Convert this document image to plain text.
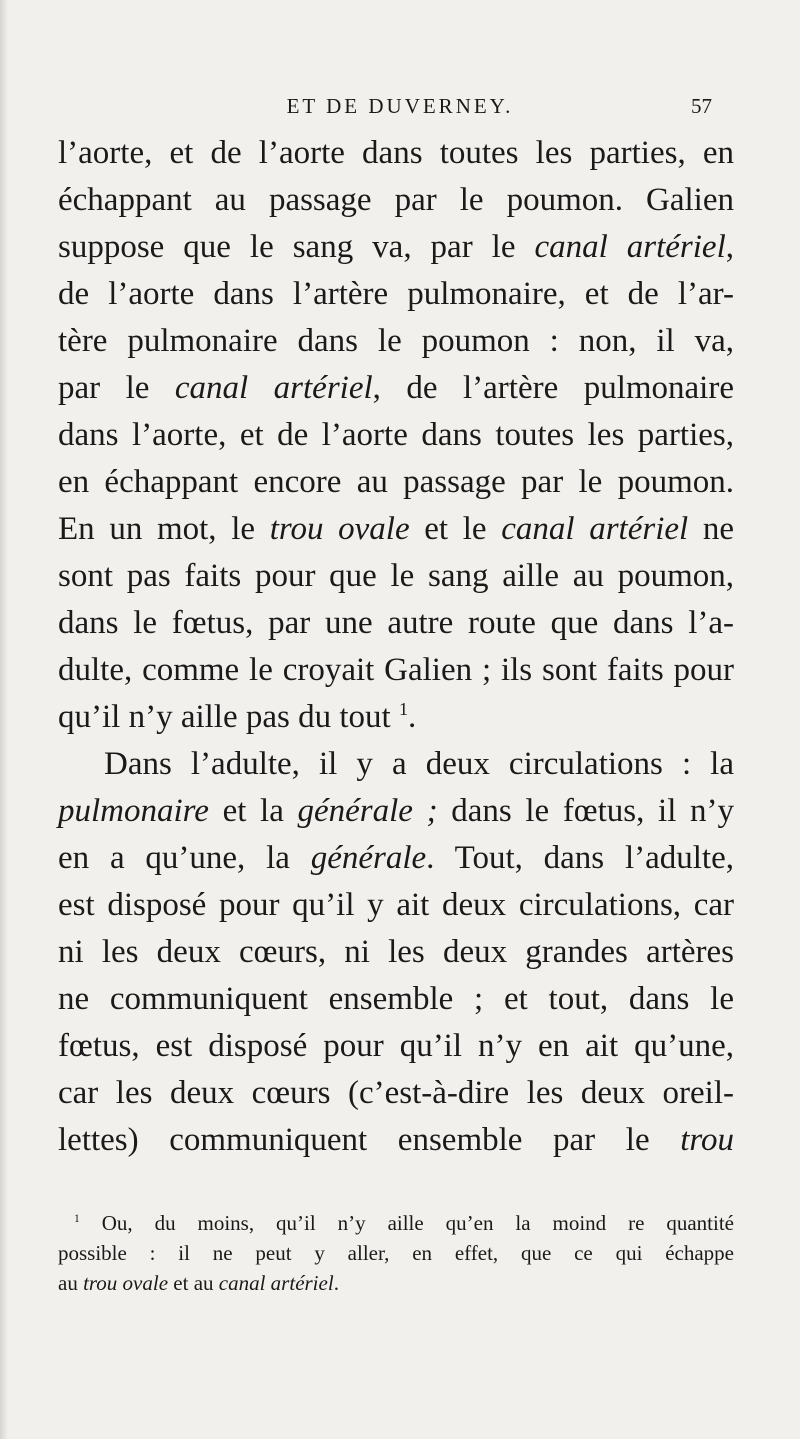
ET DE DUVERNEY.	57
l’aorte, et de l’aorte dans toutes les parties, en
échappant au passage par le poumon. Galien
suppose que le sang va, par le canal artériel,
de l’aorte dans l’artère pulmonaire, et de l’ar-
tère pulmonaire dans le poumon : non, il va,
par le canal artériel, de l’artère pulmonaire
dans l’aorte, et de l’aorte dans toutes les parties,
en échappant encore au passage par le poumon.
En un mot, le trou ovale et le canal artériel ne
sont pas faits pour que le sang aille au poumon,
dans le fœtus, par une autre route que dans l’a-
dulte, comme le croyait Galien ; ils sont faits pour
qu’il n’y aille pas du tout $^1$.
Dans l’adulte, il y a deux circulations : la
pulmonaire et la générale ; dans le fœtus, il n’y
en a qu’une, la générale. Tout, dans l’adulte,
est disposé pour qu’il y ait deux circulations, car
ni les deux cœurs, ni les deux grandes artères
ne communiquent ensemble ; et tout, dans le
fœtus, est disposé pour qu’il n’y en ait qu’une,
car les deux cœurs (c’est-à-dire les deux oreil-
lettes) communiquent ensemble par le trou
$^1$ Ou, du moins, qu’il n’y aille qu’en la moind re quantité
possible : il ne peut y aller, en effet, que ce qui échappe
au trou ovale et au canal artériel.
